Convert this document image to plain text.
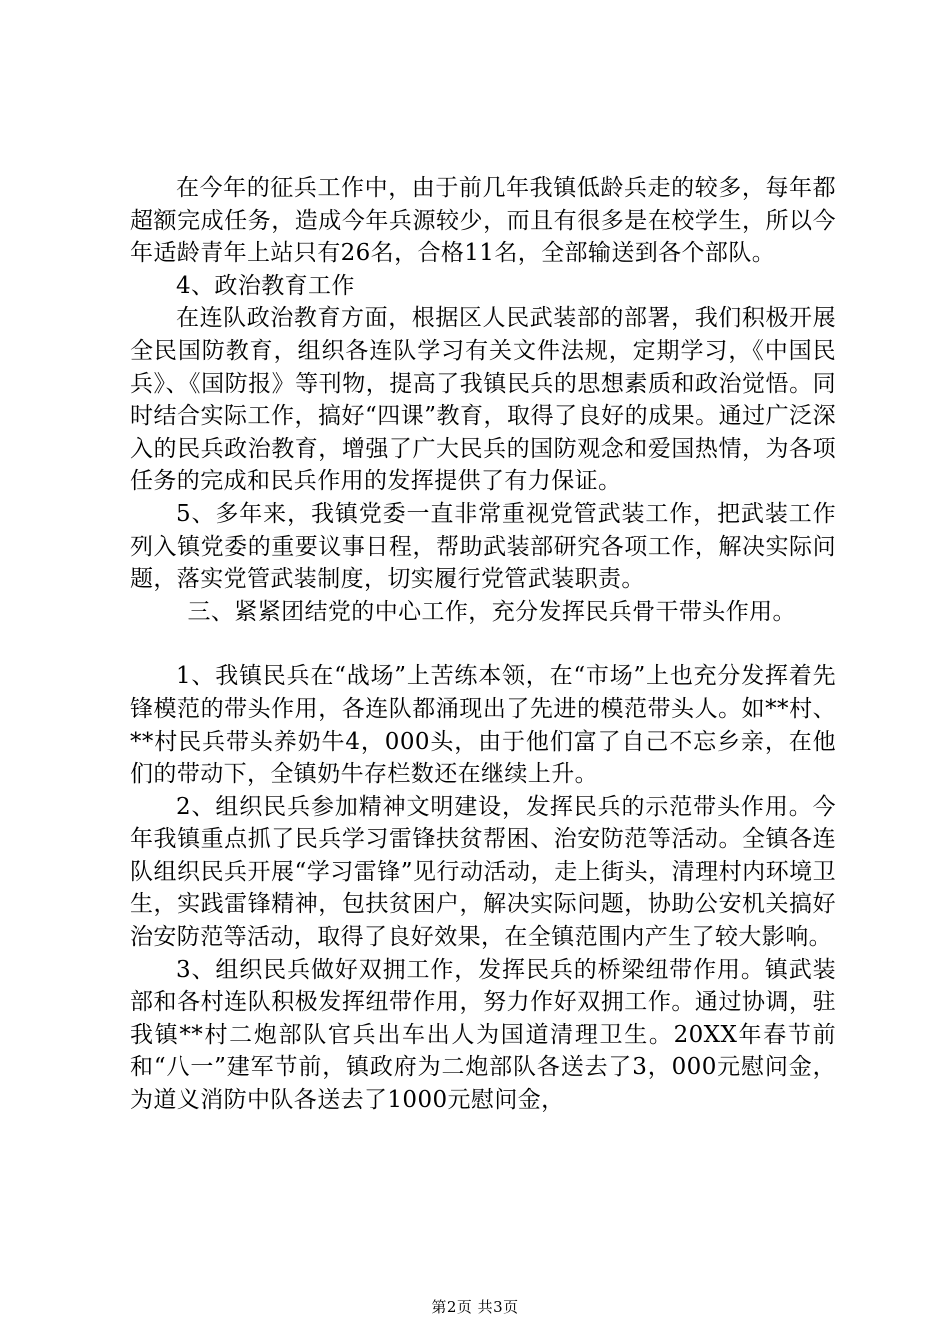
在今年的征兵工作中，由于前几年我镇低龄兵走的较多，每年都超额完成任务，造成今年兵源较少，而且有很多是在校学生，所以今年适龄青年上站只有26名，合格11名，全部输送到各个部队。

4、政治教育工作

在连队政治教育方面，根据区人民武装部的部署，我们积极开展全民国防教育，组织各连队学习有关文件法规，定期学习，《中国民兵》、《国防报》等刊物，提高了我镇民兵的思想素质和政治觉悟。同时结合实际工作，搞好“四课”教育，取得了良好的成果。通过广泛深入的民兵政治教育，增强了广大民兵的国防观念和爱国热情，为各项任务的完成和民兵作用的发挥提供了有力保证。

5、多年来，我镇党委一直非常重视党管武装工作，把武装工作列入镇党委的重要议事日程，帮助武装部研究各项工作，解决实际问题，落实党管武装制度，切实履行党管武装职责。

三、紧紧团结党的中心工作，充分发挥民兵骨干带头作用。

1、我镇民兵在“战场”上苦练本领，在“市场”上也充分发挥着先锋模范的带头作用，各连队都涌现出了先进的模范带头人。如**村、**村民兵带头养奶牛4，000头，由于他们富了自己不忘乡亲，在他们的带动下，全镇奶牛存栏数还在继续上升。

2、组织民兵参加精神文明建设，发挥民兵的示范带头作用。今年我镇重点抓了民兵学习雷锋扶贫帮困、治安防范等活动。全镇各连队组织民兵开展“学习雷锋”见行动活动，走上街头，清理村内环境卫生，实践雷锋精神，包扶贫困户，解决实际问题，协助公安机关搞好治安防范等活动，取得了良好效果，在全镇范围内产生了较大影响。

3、组织民兵做好双拥工作，发挥民兵的桥梁纽带作用。镇武装部和各村连队积极发挥纽带作用，努力作好双拥工作。通过协调，驻我镇**村二炮部队官兵出车出人为国道清理卫生。20XX年春节前和“八一”建军节前，镇政府为二炮部队各送去了3，000元慰问金，为道义消防中队各送去了1000元慰问金，

第2页 共3页
